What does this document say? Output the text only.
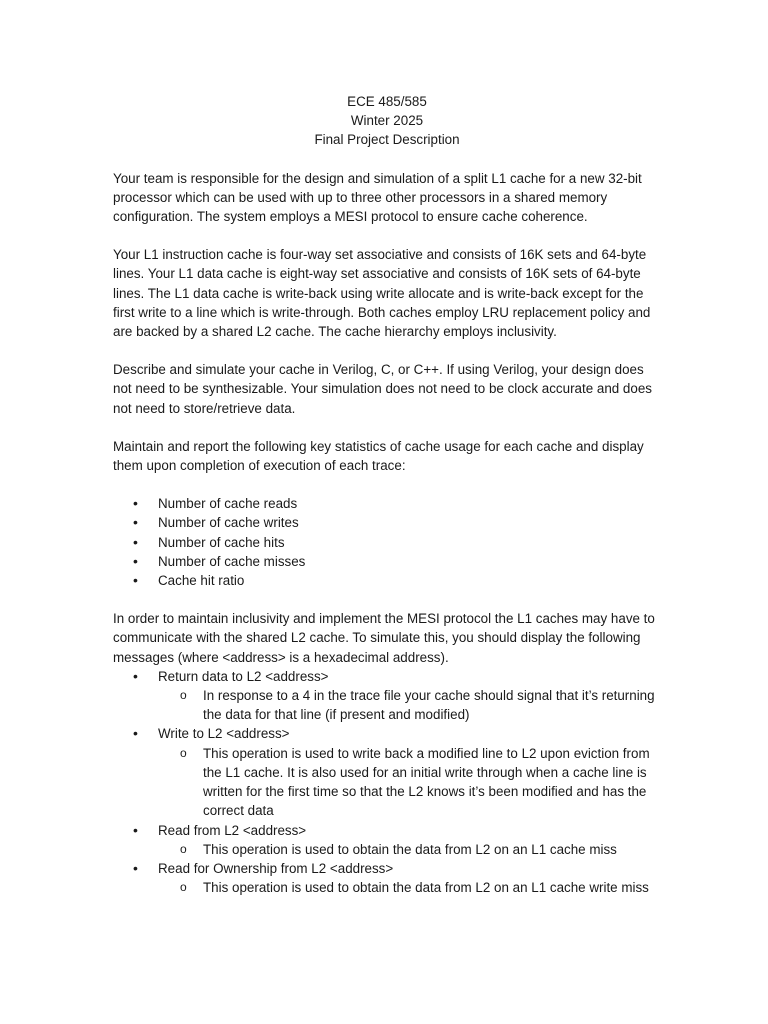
ECE 485/585
Winter 2025
Final Project Description

Your team is responsible for the design and simulation of a split L1 cache for a new 32-bit processor which can be used with up to three other processors in a shared memory configuration. The system employs a MESI protocol to ensure cache coherence.

Your L1 instruction cache is four-way set associative and consists of 16K sets and 64-byte lines. Your L1 data cache is eight-way set associative and consists of 16K sets of 64-byte lines. The L1 data cache is write-back using write allocate and is write-back except for the first write to a line which is write-through. Both caches employ LRU replacement policy and are backed by a shared L2 cache. The cache hierarchy employs inclusivity.

Describe and simulate your cache in Verilog, C, or C++. If using Verilog, your design does not need to be synthesizable. Your simulation does not need to be clock accurate and does not need to store/retrieve data.

Maintain and report the following key statistics of cache usage for each cache and display them upon completion of execution of each trace:

• Number of cache reads
• Number of cache writes
• Number of cache hits
• Number of cache misses
• Cache hit ratio

In order to maintain inclusivity and implement the MESI protocol the L1 caches may have to communicate with the shared L2 cache. To simulate this, you should display the following messages (where <address> is a hexadecimal address).

• Return data to L2 <address>
o In response to a 4 in the trace file your cache should signal that it’s returning the data for that line (if present and modified)
• Write to L2 <address>
o This operation is used to write back a modified line to L2 upon eviction from the L1 cache. It is also used for an initial write through when a cache line is written for the first time so that the L2 knows it’s been modified and has the correct data
• Read from L2 <address>
o This operation is used to obtain the data from L2 on an L1 cache miss
• Read for Ownership from L2 <address>
o This operation is used to obtain the data from L2 on an L1 cache write miss
